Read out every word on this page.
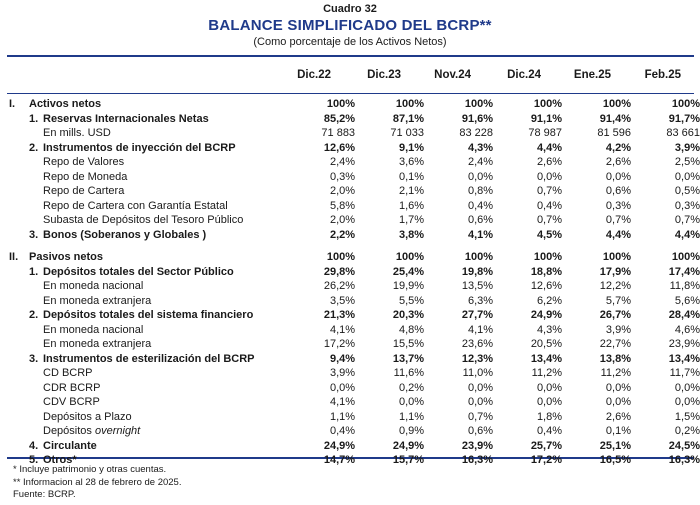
Cuadro 32
BALANCE SIMPLIFICADO DEL BCRP**
(Como porcentaje de los Activos Netos)
Dic.22	Dic.23	Nov.24	Dic.24	Ene.25	Feb.25
I. Activos netos	100%	100%	100%	100%	100%	100%
1. Reservas Internacionales Netas	85,2%	87,1%	91,6%	91,1%	91,4%	91,7%
En mills. USD	71 883	71 033	83 228	78 987	81 596	83 661
2. Instrumentos de inyección del BCRP	12,6%	9,1%	4,3%	4,4%	4,2%	3,9%
Repo de Valores	2,4%	3,6%	2,4%	2,6%	2,6%	2,5%
Repo de Moneda	0,3%	0,1%	0,0%	0,0%	0,0%	0,0%
Repo de Cartera	2,0%	2,1%	0,8%	0,7%	0,6%	0,5%
Repo de Cartera con Garantía Estatal	5,8%	1,6%	0,4%	0,4%	0,3%	0,3%
Subasta de Depósitos del Tesoro Público	2,0%	1,7%	0,6%	0,7%	0,7%	0,7%
3. Bonos (Soberanos y Globales )	2,2%	3,8%	4,1%	4,5%	4,4%	4,4%

II. Pasivos netos	100%	100%	100%	100%	100%	100%
1. Depósitos totales del Sector Público	29,8%	25,4%	19,8%	18,8%	17,9%	17,4%
En moneda nacional	26,2%	19,9%	13,5%	12,6%	12,2%	11,8%
En moneda extranjera	3,5%	5,5%	6,3%	6,2%	5,7%	5,6%
2. Depósitos totales del sistema financiero	21,3%	20,3%	27,7%	24,9%	26,7%	28,4%
En moneda nacional	4,1%	4,8%	4,1%	4,3%	3,9%	4,6%
En moneda extranjera	17,2%	15,5%	23,6%	20,5%	22,7%	23,9%
3. Instrumentos de esterilización del BCRP	9,4%	13,7%	12,3%	13,4%	13,8%	13,4%
CD BCRP	3,9%	11,6%	11,0%	11,2%	11,2%	11,7%
CDR BCRP	0,0%	0,2%	0,0%	0,0%	0,0%	0,0%
CDV BCRP	4,1%	0,0%	0,0%	0,0%	0,0%	0,0%
Depósitos a Plazo	1,1%	1,1%	0,7%	1,8%	2,6%	1,5%
Depósitos overnight	0,4%	0,9%	0,6%	0,4%	0,1%	0,2%
4. Circulante	24,9%	24,9%	23,9%	25,7%	25,1%	24,5%
5. Otros*	14,7%	15,7%	16,3%	17,2%	16,5%	16,3%
* Incluye patrimonio y otras cuentas.
** Informacion al 28 de febrero de 2025.
Fuente: BCRP.
